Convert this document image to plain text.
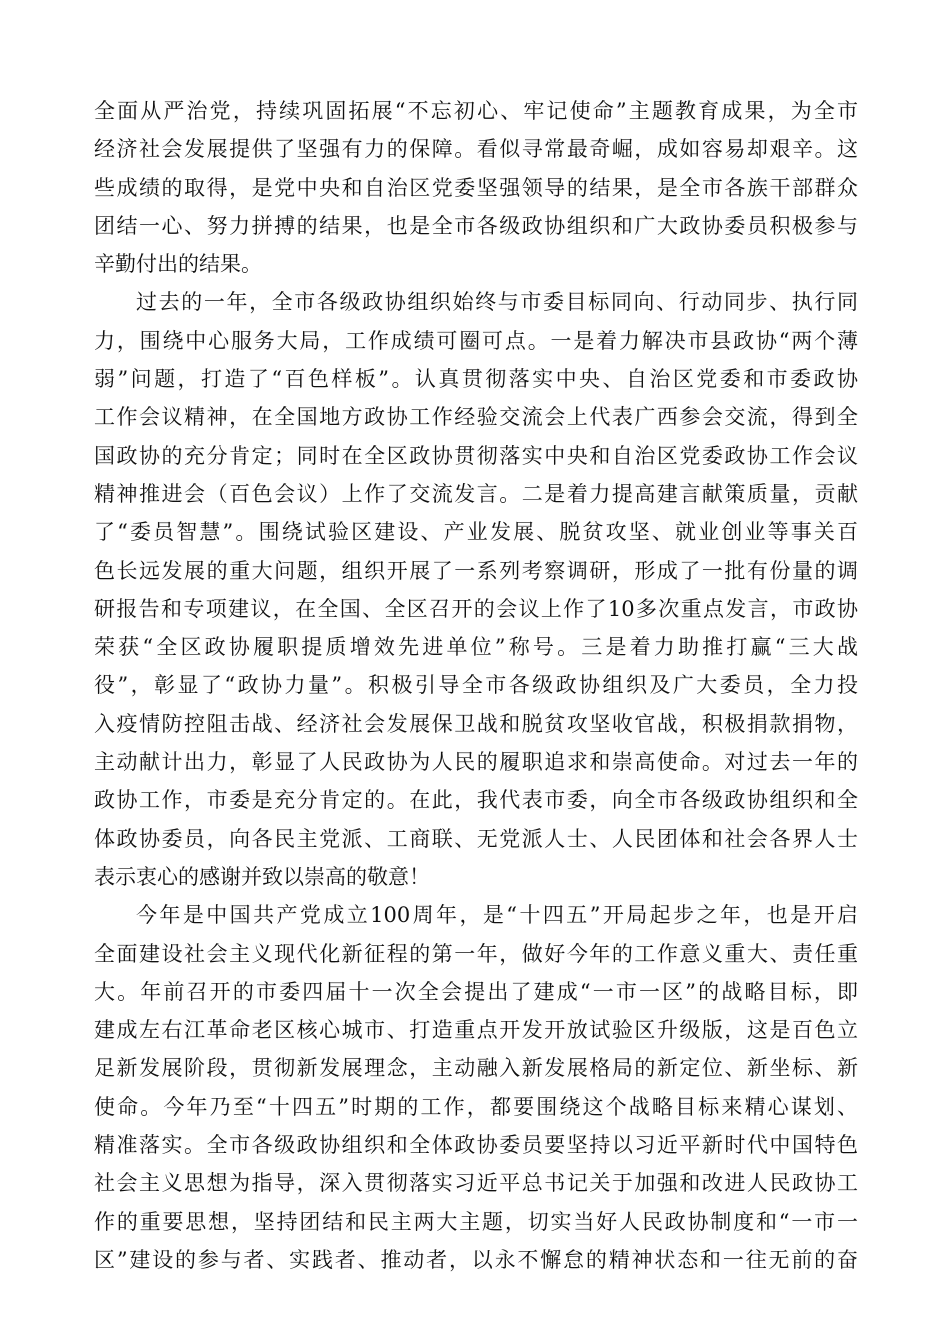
全面从严治党，持续巩固拓展“不忘初心、牢记使命”主题教育成果，为全市
经济社会发展提供了坚强有力的保障。看似寻常最奇崛，成如容易却艰辛。这
些成绩的取得，是党中央和自治区党委坚强领导的结果，是全市各族干部群众
团结一心、努力拼搏的结果，也是全市各级政协组织和广大政协委员积极参与
辛勤付出的结果。
过去的一年，全市各级政协组织始终与市委目标同向、行动同步、执行同
力，围绕中心服务大局，工作成绩可圈可点。一是着力解决市县政协“两个薄
弱”问题，打造了“百色样板”。认真贯彻落实中央、自治区党委和市委政协
工作会议精神，在全国地方政协工作经验交流会上代表广西参会交流，得到全
国政协的充分肯定；同时在全区政协贯彻落实中央和自治区党委政协工作会议
精神推进会（百色会议）上作了交流发言。二是着力提高建言献策质量，贡献
了“委员智慧”。围绕试验区建设、产业发展、脱贫攻坚、就业创业等事关百
色长远发展的重大问题，组织开展了一系列考察调研，形成了一批有份量的调
研报告和专项建议，在全国、全区召开的会议上作了10多次重点发言，市政协
荣获“全区政协履职提质增效先进单位”称号。三是着力助推打赢“三大战
役”，彰显了“政协力量”。积极引导全市各级政协组织及广大委员，全力投
入疫情防控阻击战、经济社会发展保卫战和脱贫攻坚收官战，积极捐款捐物，
主动献计出力，彰显了人民政协为人民的履职追求和崇高使命。对过去一年的
政协工作，市委是充分肯定的。在此，我代表市委，向全市各级政协组织和全
体政协委员，向各民主党派、工商联、无党派人士、人民团体和社会各界人士
表示衷心的感谢并致以崇高的敬意！
今年是中国共产党成立100周年，是“十四五”开局起步之年，也是开启
全面建设社会主义现代化新征程的第一年，做好今年的工作意义重大、责任重
大。年前召开的市委四届十一次全会提出了建成“一市一区”的战略目标，即
建成左右江革命老区核心城市、打造重点开发开放试验区升级版，这是百色立
足新发展阶段，贯彻新发展理念，主动融入新发展格局的新定位、新坐标、新
使命。今年乃至“十四五”时期的工作，都要围绕这个战略目标来精心谋划、
精准落实。全市各级政协组织和全体政协委员要坚持以习近平新时代中国特色
社会主义思想为指导，深入贯彻落实习近平总书记关于加强和改进人民政协工
作的重要思想，坚持团结和民主两大主题，切实当好人民政协制度和“一市一
区”建设的参与者、实践者、推动者，以永不懈怠的精神状态和一往无前的奋
